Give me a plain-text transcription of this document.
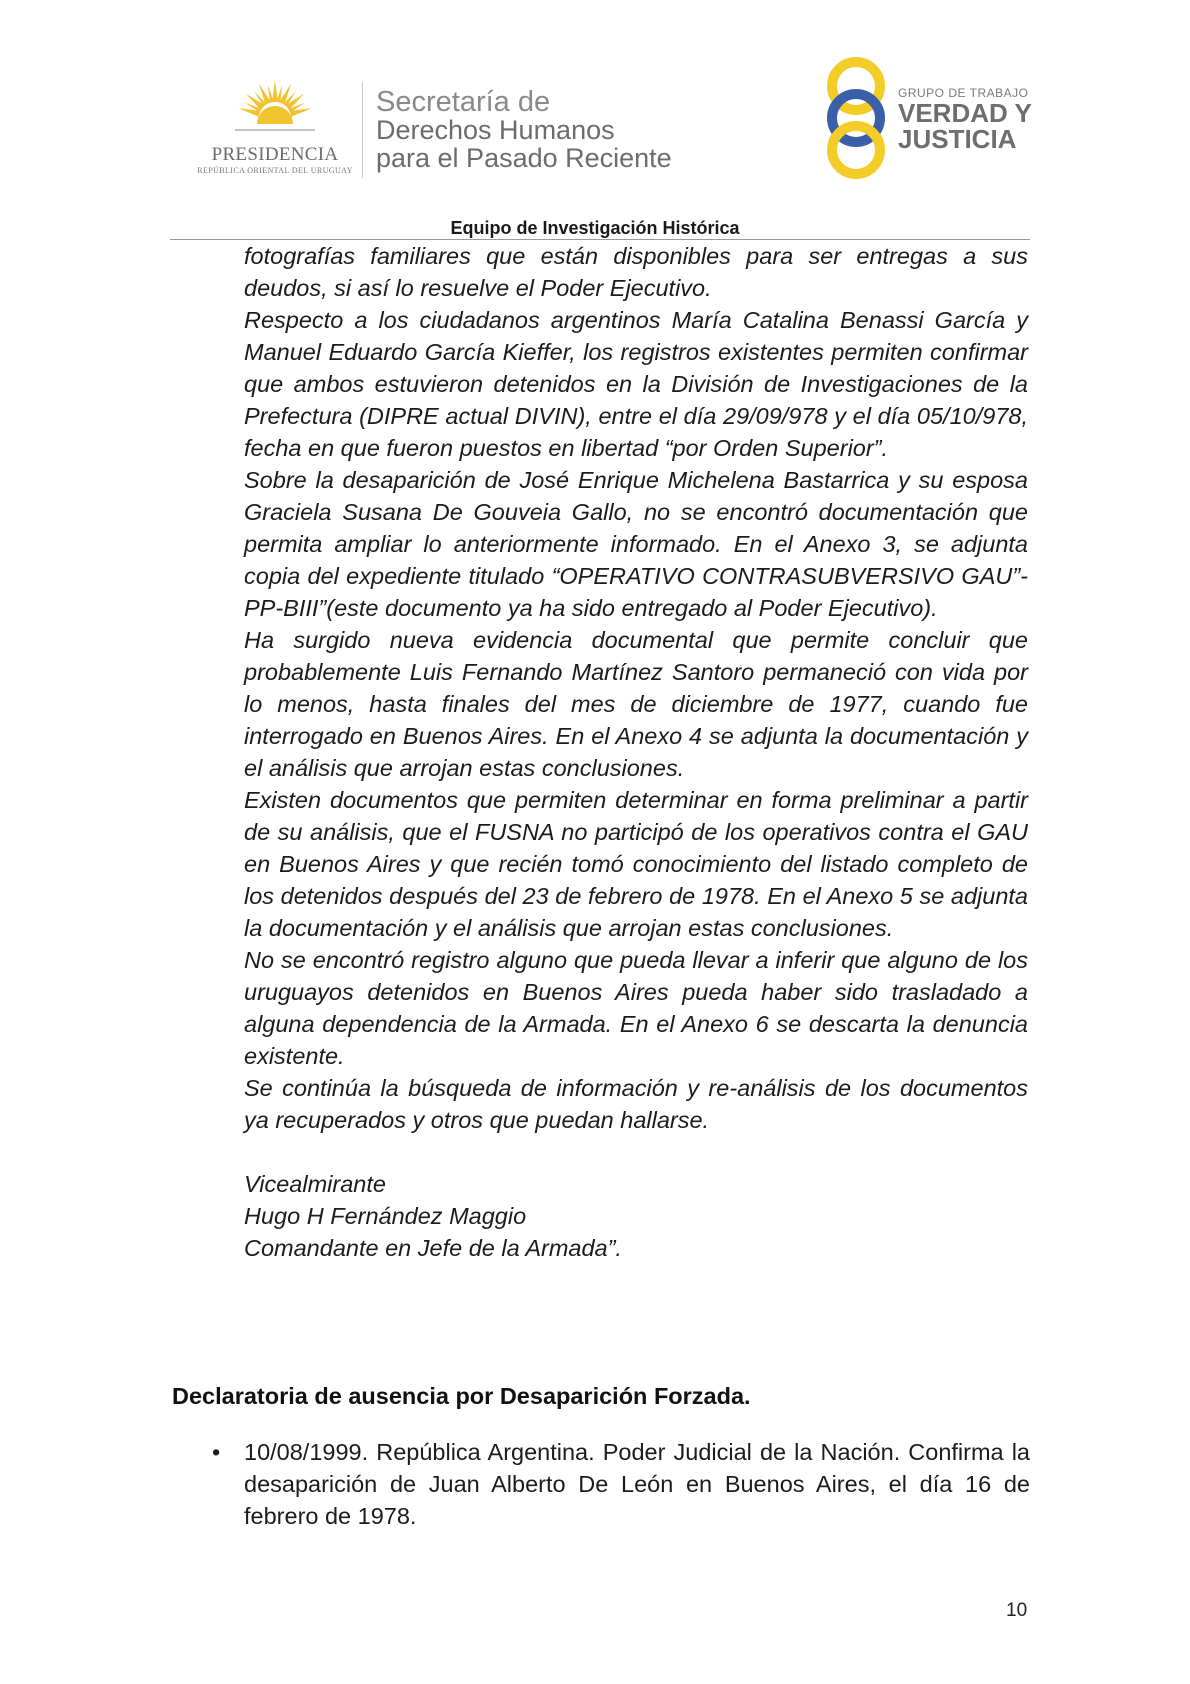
PRESIDENCIA
REPÚBLICA ORIENTAL DEL URUGUAY
Secretaría de
Derechos Humanos
para el Pasado Reciente
GRUPO DE TRABAJO
VERDAD Y
JUSTICIA
Equipo de Investigación Histórica

fotografías familiares que están disponibles para ser entregas a sus deudos, si así lo resuelve el Poder Ejecutivo.

Respecto a los ciudadanos argentinos María Catalina Benassi García y Manuel Eduardo García Kieffer, los registros existentes permiten confirmar que ambos estuvieron detenidos en la División de Investigaciones de la Prefectura (DIPRE actual DIVIN), entre el día 29/09/978 y el día 05/10/978, fecha en que fueron puestos en libertad “por Orden Superior”.

Sobre la desaparición de José Enrique Michelena Bastarrica y su esposa Graciela Susana De Gouveia Gallo, no se encontró documentación que permita ampliar lo anteriormente informado. En el Anexo 3, se adjunta copia del expediente titulado “OPERATIVO CONTRASUBVERSIVO GAU”- PP-BIII”(este documento ya ha sido entregado al Poder Ejecutivo).

Ha surgido nueva evidencia documental que permite concluir que probablemente Luis Fernando Martínez Santoro permaneció con vida por lo menos, hasta finales del mes de diciembre de 1977, cuando fue interrogado en Buenos Aires. En el Anexo 4 se adjunta la documentación y el análisis que arrojan estas conclusiones.

Existen documentos que permiten determinar en forma preliminar a partir de su análisis, que el FUSNA no participó de los operativos contra el GAU en Buenos Aires y que recién tomó conocimiento del listado completo de los detenidos después del 23 de febrero de 1978. En el Anexo 5 se adjunta la documentación y el análisis que arrojan estas conclusiones.

No se encontró registro alguno que pueda llevar a inferir que alguno de los uruguayos detenidos en Buenos Aires pueda haber sido trasladado a alguna dependencia de la Armada. En el Anexo 6 se descarta la denuncia existente.

Se continúa la búsqueda de información y re-análisis de los documentos ya recuperados y otros que puedan hallarse.

Vicealmirante

Hugo H Fernández Maggio

Comandante en Jefe de la Armada”.

Declaratoria de ausencia por Desaparición Forzada.
• 10/08/1999. República Argentina. Poder Judicial de la Nación. Confirma la desaparición de Juan Alberto De León en Buenos Aires, el día 16 de febrero de 1978.
10
